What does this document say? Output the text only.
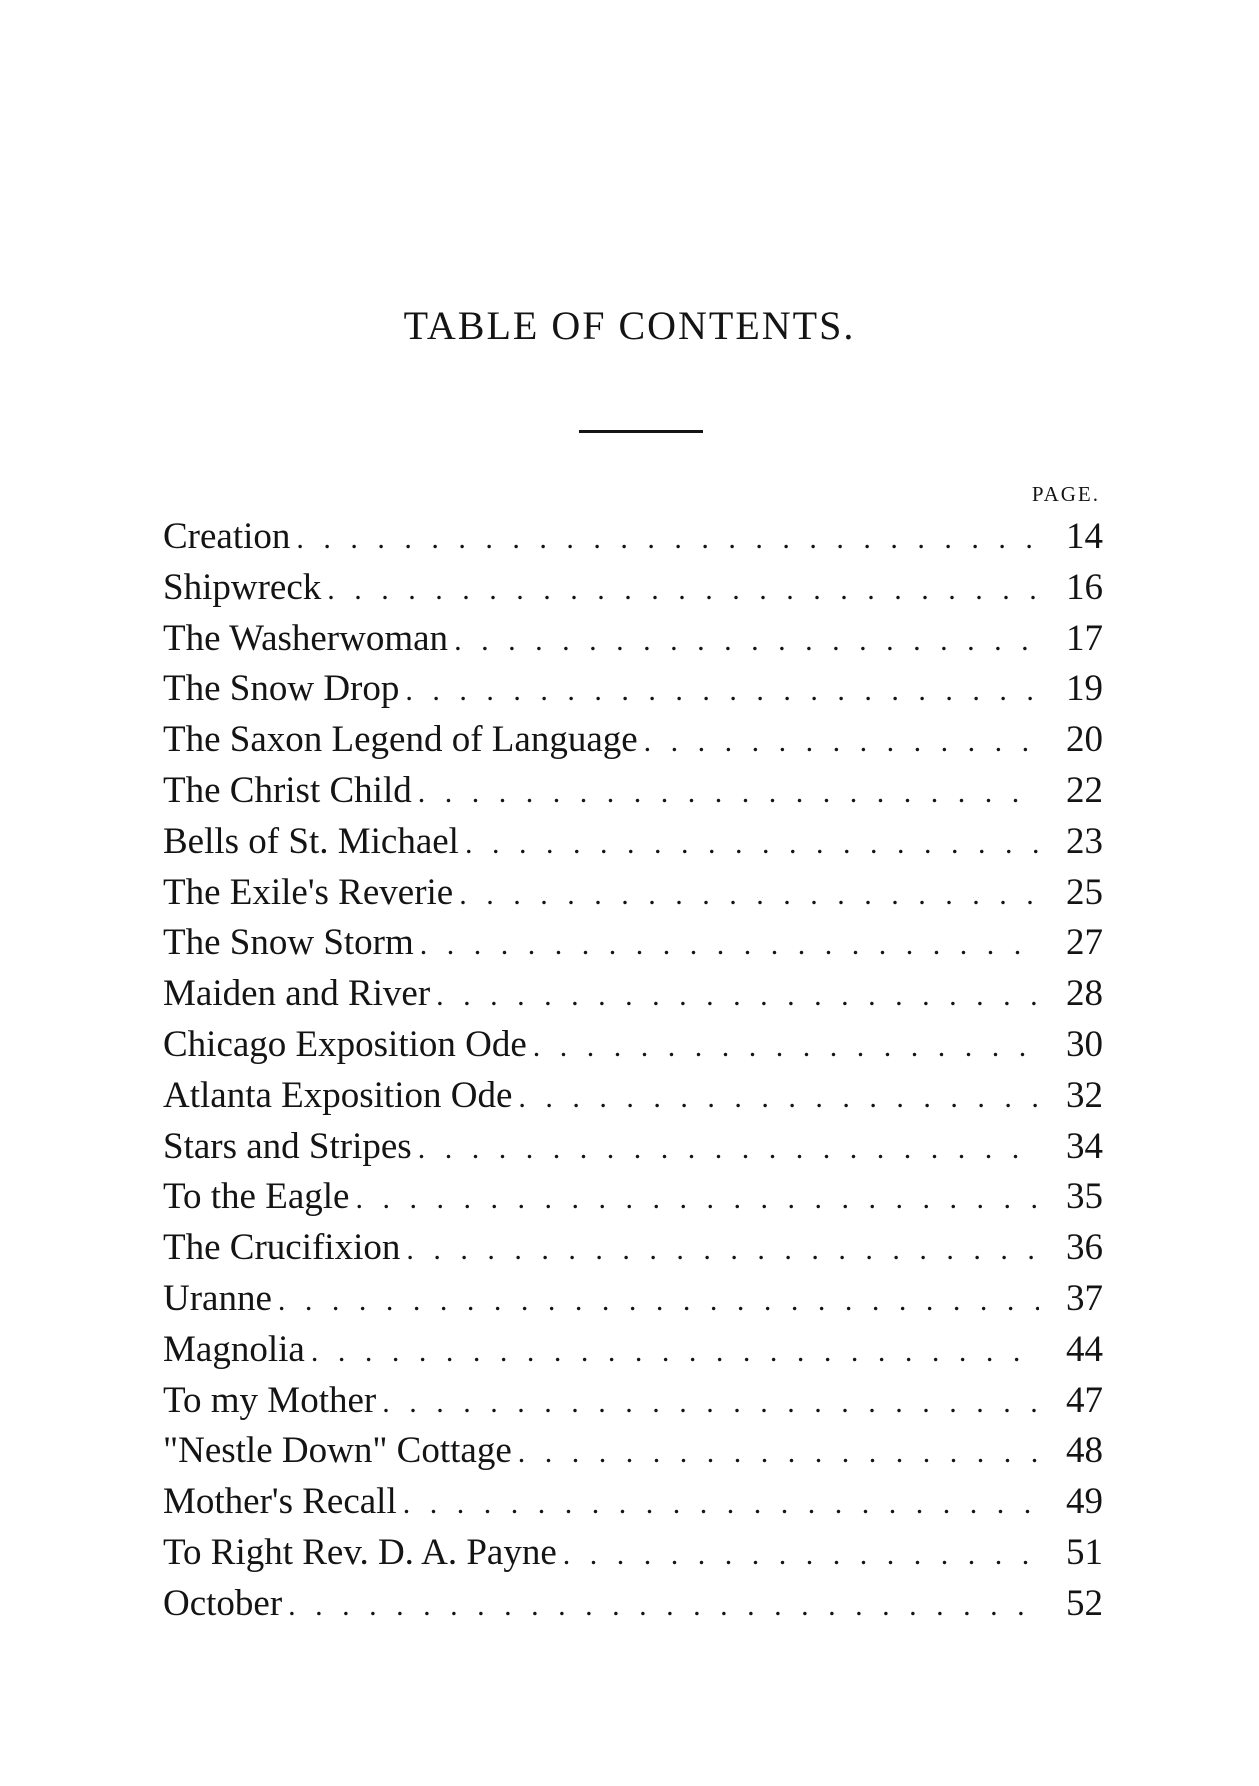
TABLE OF CONTENTS.
PAGE.
Creation . . .	14
Shipwreck . . .	16
The Washerwoman . . .	17
The Snow Drop . . .	19
The Saxon Legend of Language . . .	20
The Christ Child . . .	22
Bells of St. Michael . . .	23
The Exile's Reverie . . .	25
The Snow Storm . . .	27
Maiden and River . . .	28
Chicago Exposition Ode . . .	30
Atlanta Exposition Ode . . .	32
Stars and Stripes . . .	34
To the Eagle . . .	35
The Crucifixion . . .	36
Uranne . . .	37
Magnolia . . .	44
To my Mother . . .	47
"Nestle Down" Cottage . . .	48
Mother's Recall . . .	49
To Right Rev. D. A. Payne . . .	51
October . . .	52
